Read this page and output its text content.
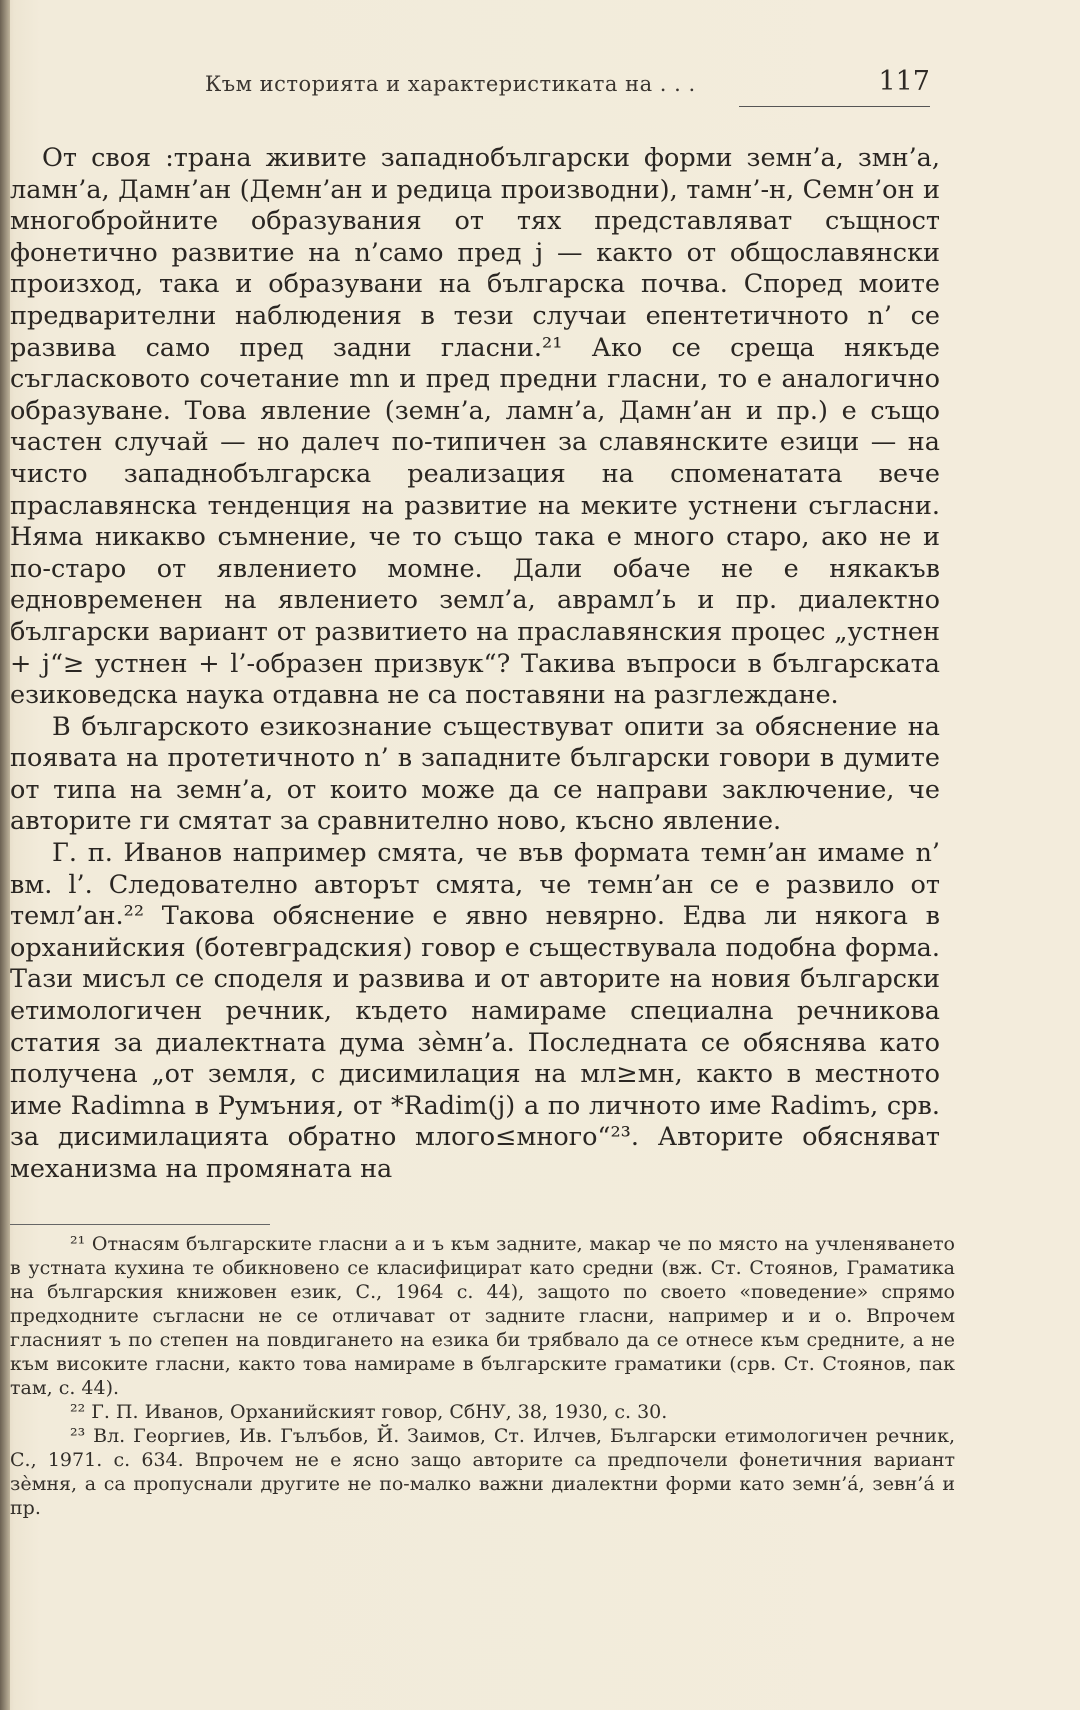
Към историята и характеристиката на . . .	117

От своя :трана живите западнобългарски форми земн’а, змн’а, ламн’а, Дамн’ан (Демн’ан и редица производни), тамн’-н, Семн’он и многобройните образувания от тях представляват същност фонетично развитие на n’само пред j — както от общославянски произход, така и образувани на българска почва. Според моите предварителни наблюдения в тези случаи епентетичното n’ се развива само пред задни гласни.²¹ Ако се среща някъде съгласковото сочетание mn и пред предни гласни, то е аналогично образуване. Това явление (земн’а, ламн’а, Дамн’ан и пр.) е също частен случай — но далеч по-типичен за славянските езици — на чисто западнобългарска реализация на споменатата вече праславянска тенденция на развитие на меките устнени съгласни. Няма никакво съмнение, че то също така е много старо, ако не и по-старо от явлението момне. Дали обаче не е някакъв едновременен на явлението земл’а, аврамл’ь и пр. диалектно български вариант от развитието на праславянския процес „устнен + j“≥ устнен + l’-образен призвук“? Такива въпроси в българската езиковедска наука отдавна не са поставяни на разглеждане.

В българското езикознание съществуват опити за обяснение на появата на протетичното n’ в западните български говори в думите от типа на земн’а, от които може да се направи заключение, че авторите ги смятат за сравнително ново, късно явление.

Г. п. Иванов например смята, че във формата темн’ан имаме n’ вм. l’. Следователно авторът смята, че темн’ан се е развило от темл’ан.²² Такова обяснение е явно невярно. Едва ли някога в орханийския (ботевградския) говор е съществувала подобна форма. Тази мисъл се споделя и развива и от авторите на новия български етимологичен речник, където намираме специална речникова статия за диалектната дума зѐмн’а. Последната се обяснява като получена „от земля, с дисимилация на мл≥мн, както в местното име Radimnа в Румъния, от *Radim(j) а по личното име Radimъ, срв. за дисимилацията обратно млого≤много“²³. Авторите обясняват механизма на промяната на

²¹ Отнасям българските гласни а и ъ към задните, макар че по място на учленяването в устната кухина те обикновено се класифицират като средни (вж. Ст. Стоянов, Граматика на българския книжовен език, С., 1964 с. 44), защото по своето «поведение» спрямо предходните съгласни не се отличават от задните гласни, например и и о. Впрочем гласният ъ по степен на повдигането на езика би трябвало да се отнесе към средните, а не към високите гласни, както това намираме в българските граматики (срв. Ст. Стоянов, пак там, с. 44).

²² Г. П. Иванов, Орханийският говор, СбНУ, 38, 1930, с. 30.

²³ Вл. Георгиев, Ив. Гълъбов, Й. Заимов, Ст. Илчев, Български етимологичен речник, С., 1971. с. 634. Впрочем не е ясно защо авторите са предпочели фонетичния вариант зѐмня, а са пропуснали другите не по-малко важни диалектни форми като земн’а́, зевн’а́ и пр.
